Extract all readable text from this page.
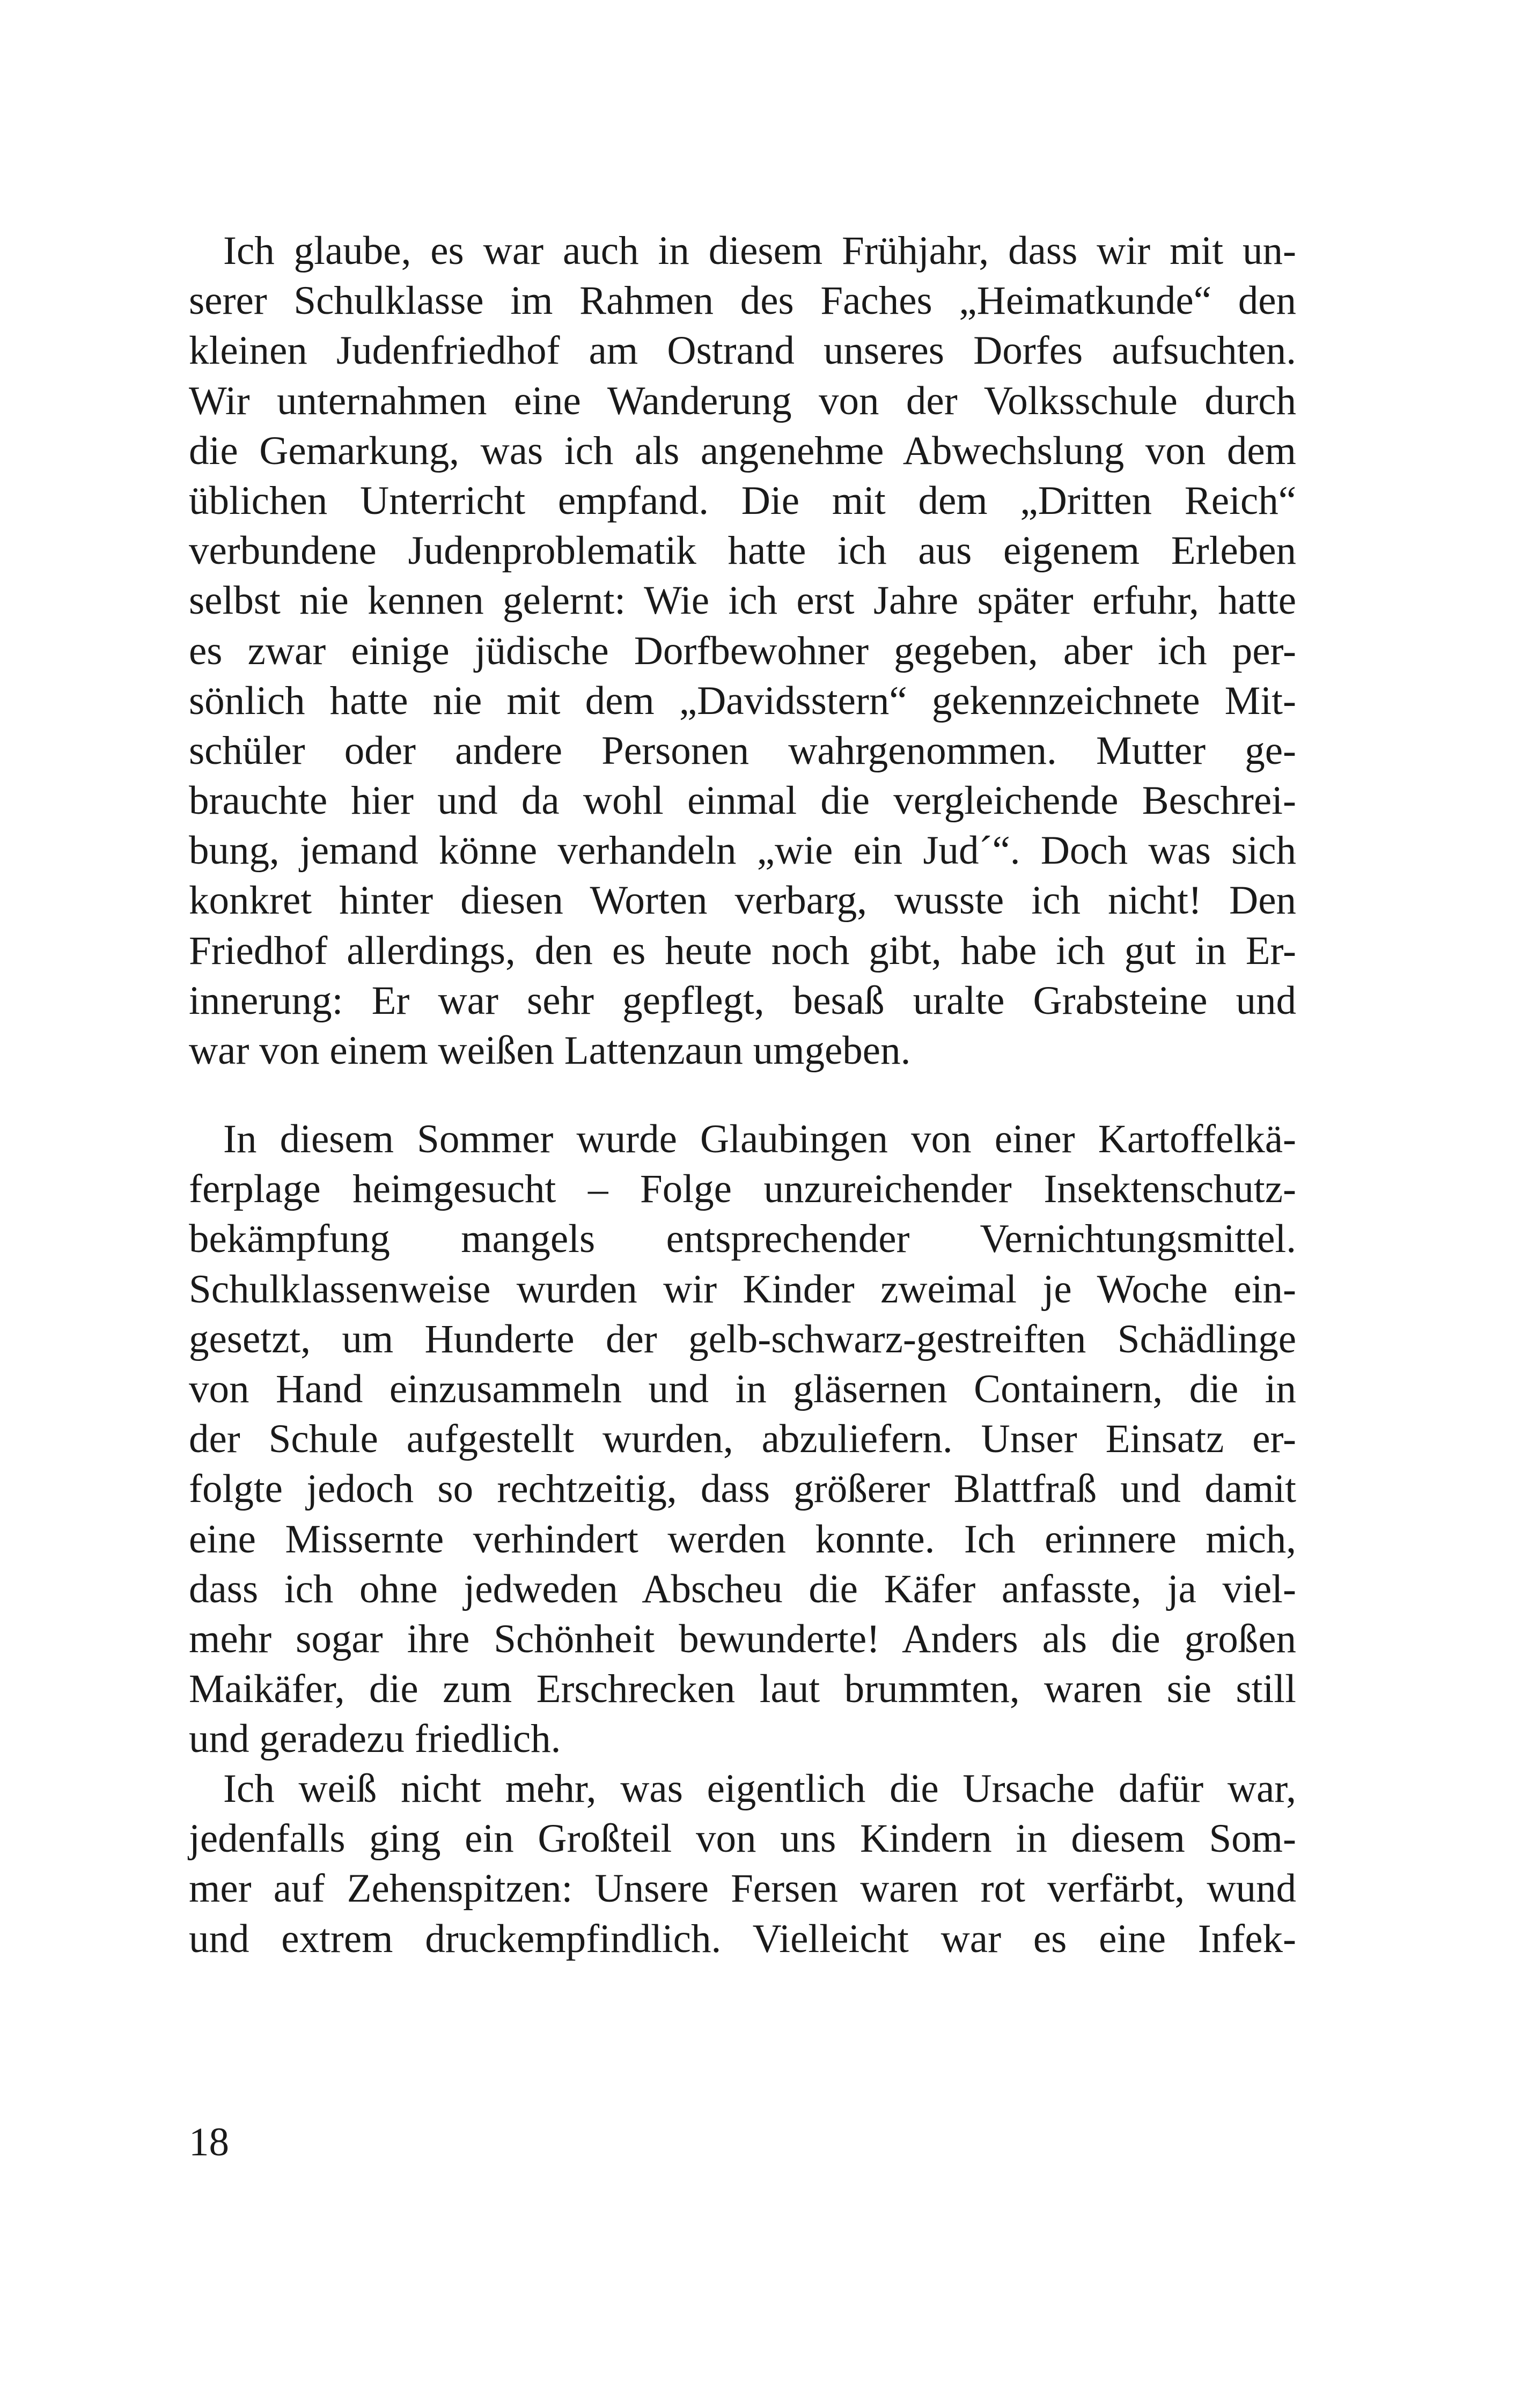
Ich glaube, es war auch in diesem Frühjahr, dass wir mit un-
serer Schulklasse im Rahmen des Faches „Heimatkunde“ den
kleinen Judenfriedhof am Ostrand unseres Dorfes aufsuchten.
Wir unternahmen eine Wanderung von der Volksschule durch
die Gemarkung, was ich als angenehme Abwechslung von dem
üblichen Unterricht empfand. Die mit dem „Dritten Reich“
verbundene Judenproblematik hatte ich aus eigenem Erleben
selbst nie kennen gelernt: Wie ich erst Jahre später erfuhr, hatte
es zwar einige jüdische Dorfbewohner gegeben, aber ich per-
sönlich hatte nie mit dem „Davidsstern“ gekennzeichnete Mit-
schüler oder andere Personen wahrgenommen. Mutter ge-
brauchte hier und da wohl einmal die vergleichende Beschrei-
bung, jemand könne verhandeln „wie ein Jud´“. Doch was sich
konkret hinter diesen Worten verbarg, wusste ich nicht! Den
Friedhof allerdings, den es heute noch gibt, habe ich gut in Er-
innerung: Er war sehr gepflegt, besaß uralte Grabsteine und
war von einem weißen Lattenzaun umgeben.
In diesem Sommer wurde Glaubingen von einer Kartoffelkä-
ferplage heimgesucht – Folge unzureichender Insektenschutz-
bekämpfung mangels entsprechender Vernichtungsmittel.
Schulklassenweise wurden wir Kinder zweimal je Woche ein-
gesetzt, um Hunderte der gelb-schwarz-gestreiften Schädlinge
von Hand einzusammeln und in gläsernen Containern, die in
der Schule aufgestellt wurden, abzuliefern. Unser Einsatz er-
folgte jedoch so rechtzeitig, dass größerer Blattfraß und damit
eine Missernte verhindert werden konnte. Ich erinnere mich,
dass ich ohne jedweden Abscheu die Käfer anfasste, ja viel-
mehr sogar ihre Schönheit bewunderte! Anders als die großen
Maikäfer, die zum Erschrecken laut brummten, waren sie still
und geradezu friedlich.
Ich weiß nicht mehr, was eigentlich die Ursache dafür war,
jedenfalls ging ein Großteil von uns Kindern in diesem Som-
mer auf Zehenspitzen: Unsere Fersen waren rot verfärbt, wund
und extrem druckempfindlich. Vielleicht war es eine Infek-
18
